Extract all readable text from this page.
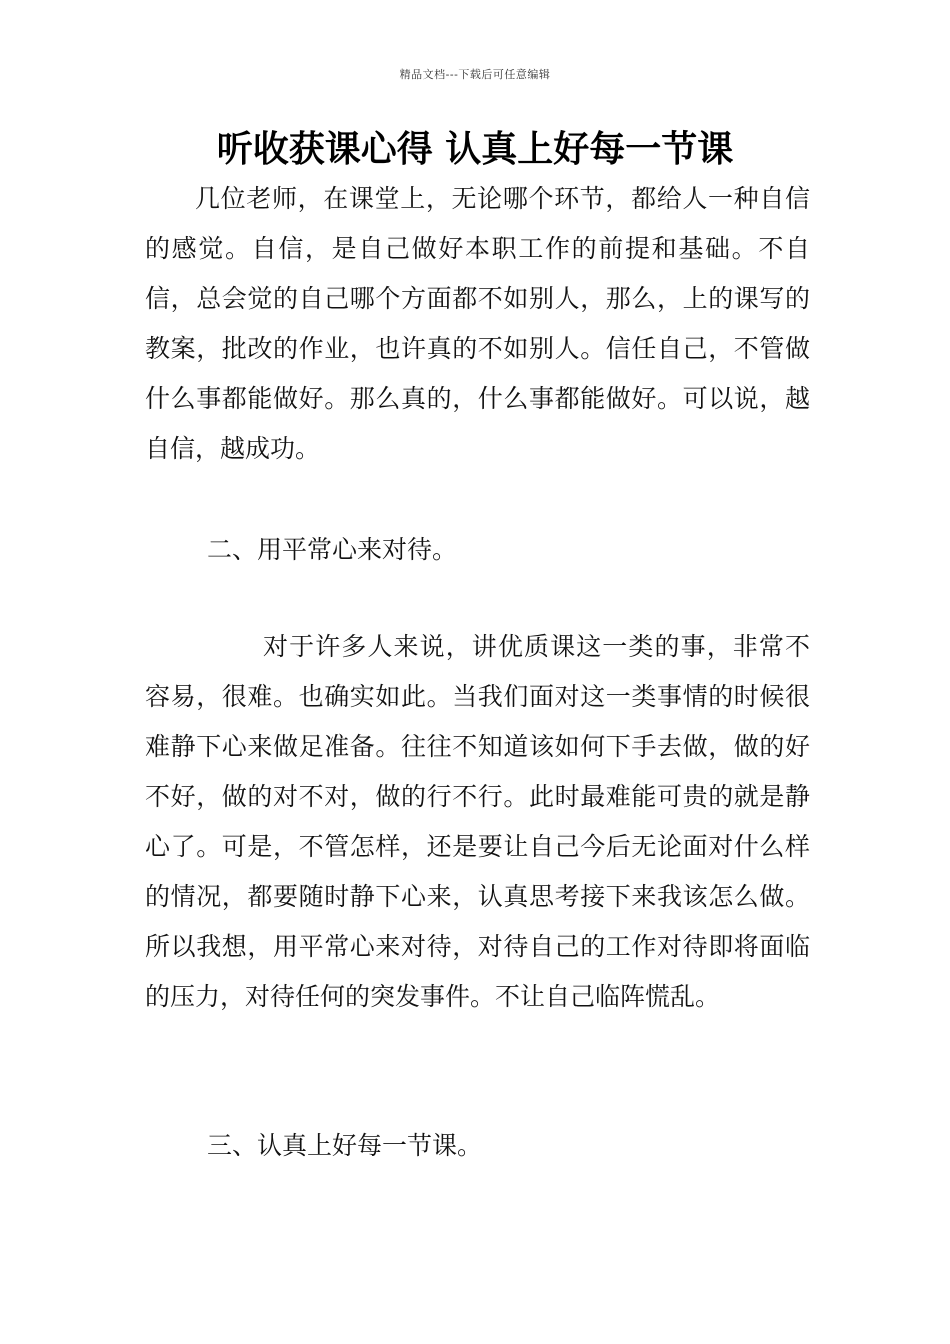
精品文档---下载后可任意编辑
听收获课心得 认真上好每一节课

几位老师，在课堂上，无论哪个环节，都给人一种自信的感觉。自信，是自己做好本职工作的前提和基础。不自信，总会觉的自己哪个方面都不如别人，那么，上的课写的教案，批改的作业，也许真的不如别人。信任自己，不管做什么事都能做好。那么真的，什么事都能做好。可以说，越自信，越成功。

二、用平常心来对待。

对于许多人来说，讲优质课这一类的事，非常不容易，很难。也确实如此。当我们面对这一类事情的时候很难静下心来做足准备。往往不知道该如何下手去做，做的好不好，做的对不对，做的行不行。此时最难能可贵的就是静心了。可是，不管怎样，还是要让自己今后无论面对什么样的情况，都要随时静下心来，认真思考接下来我该怎么做。所以我想，用平常心来对待，对待自己的工作对待即将面临的压力，对待任何的突发事件。不让自己临阵慌乱。

三、认真上好每一节课。
